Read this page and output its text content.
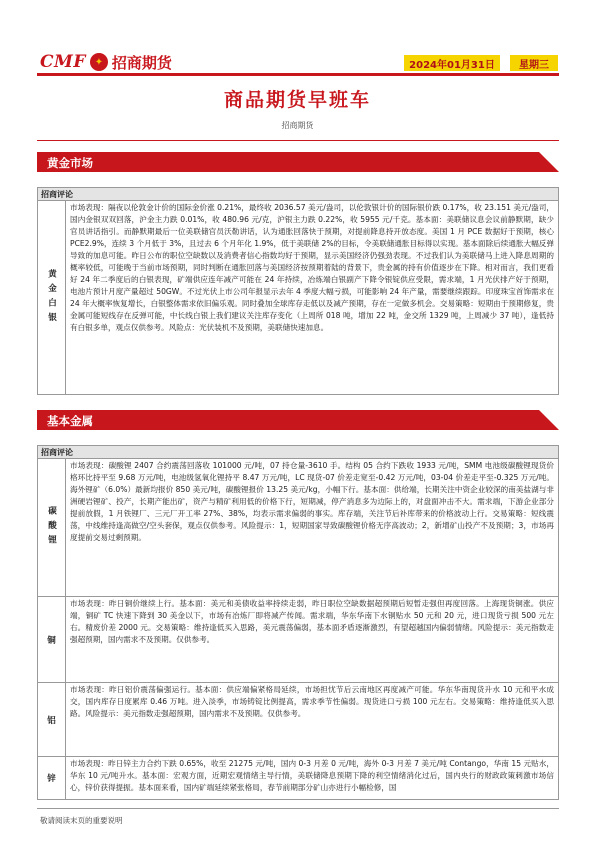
CMF ✦ 招商期货	2024年01月31日	星期三
商品期货早班车
招商期货
黄金市场
招商评论
黄金白银
市场表现：隔夜以伦敦金计价的国际金价涨 0.21%，最终收 2036.57 美元/盎司，以伦敦银计价的国际银价跌 0.17%，收 23.151 美元/盎司，国内金银双双回落，沪金主力跌 0.01%，收 480.96 元/克，沪银主力跌 0.22%，收 5955 元/千克。基本面：美联储议息会议前静默期，缺少官员讲话指引。而静默期最后一位美联储官员沃勒讲话，认为通胀回落快于预期，对提前降息持开放态度。美国 1 月 PCE 数据好于预期，核心 PCE2.9%，连续 3 个月低于 3%，且过去 6 个月年化 1.9%，低于美联储 2%的目标，令美联储通胀目标得以实现。基本面除后续通胀大幅反弹导致的加息可能。昨日公布的职位空缺数以及消费者信心指数均好于预期，显示美国经济仍强劲表现。不过我们认为美联储马上进入降息周期的概率较低，可能晚于当前市场预期，同时判断在通胀回落与美国经济按预期着陆的背景下，贵金属的持有价值逐步在下降。相对而言，我们更看好 24 年二季度后的白银表现，矿端供应连年减产可能在 24 年持续，冶炼端白银副产下降令银锭供应受限，需求端，1 月光伏排产好于预期，电池片预计月度产量超过 50GW。不过光伏上市公司年报显示去年 4 季度大幅亏损，可能影响 24 年产量，需要继续跟踪。印度珠宝首饰需求在 24 年大概率恢复增长，白银整体需求依旧偏乐观。同时叠加全球库存走低以及减产预期，存在一定做多机会。交易策略：短期由于预期修复，贵金属可能短线存在反弹可能，中长线白银上我们建议关注库存变化（上周所 018 吨，增加 22 吨，金交所 1329 吨，上周减少 37 吨），逢低持有白银多单，观点仅供参考。风险点：光伏装机不及预期，美联储快速加息。
基本金属
招商评论
碳酸锂
市场表现：碳酸锂 2407 合约震荡回落收 101000 元/吨，07 持仓量-3610 手。结构 05 合约下跌收 1933 元/吨，SMM 电池级碳酸锂现货价格环比持平至 9.68 万元/吨，电池级氢氧化锂持平 8.47 万元/吨，LC 现货-07 价差走宽至-0.42 万元/吨，03-04 价差走平至-0.325 万元/吨。海外锂矿（6.0%）最新均报价 850 美元/吨，碳酸锂报价 13.25 美元/kg，小幅下行。基本面：供给端，长期关注中资企业较深的南美盐湖与非洲硬岩锂矿、投产，长期产能出矿，资产与精矿利用低的价格下行，短期减，停产消息多为边际上的，对盘面冲击不大。需求端，下游企业部分提前放假，1 月铁锂厂、三元厂开工率 27%、38%，均表示需求偏弱的事实。库存端，关注节后补库带来的价格波动上行。交易策略：短线震荡，中线维持逢高做空/空头套保，观点仅供参考。风险提示：1，短期国家导致碳酸锂价格无序高波动；2，新增矿山投产不及预期；3，市场再度提前交易过剩预期。
铜
市场表现：昨日铜价继续上行。基本面：美元和美债收益率持续走弱，昨日职位空缺数据超预期后短暂走强但再度回落。上海现货铜涨。供应端，铜矿 TC 快速下降到 30 美金以下，市场有冶炼厂即将减产传闻。需求端，华东华南下水铜贴水 50 元和 20 元，进口现货亏损 500 元左右。精废价差 2000 元。交易策略：维持逢低买入思路，美元震荡偏弱，基本面矛盾逐渐激烈，有望超越国内偏弱情绪。风险提示：美元指数走强超预期，国内需求不及预期。仅供参考。
铝
市场表现：昨日铝价震荡偏强运行。基本面：供应端偏紧格局延续，市场担忧节后云南地区再度减产可能。华东华南现货升水 10 元和平水成交，国内库存日度累库 0.46 万吨。进入淡季，市场铸锭比例提高，需求季节性偏弱。现货进口亏损 100 元左右。交易策略：维持逢低买入思路。风险提示：美元指数走强超预期，国内需求不及预期。仅供参考。
锌
市场表现：昨日锌主力合约下跌 0.65%，收至 21275 元/吨，国内 0-3 月差 0 元/吨，海外 0-3 月差 7 美元/吨 Contango，华南 15 元贴水，华东 10 元/吨升水。基本面：宏观方面，近期宏观情绪主导行情，美联储降息预期下降的利空情绪消化过后，国内央行的财政政策刺激市场信心，锌价获得提振。基本面来看，国内矿端延续紧张格局，春节前期部分矿山亦进行小幅检修，国
敬请阅读末页的重要说明
